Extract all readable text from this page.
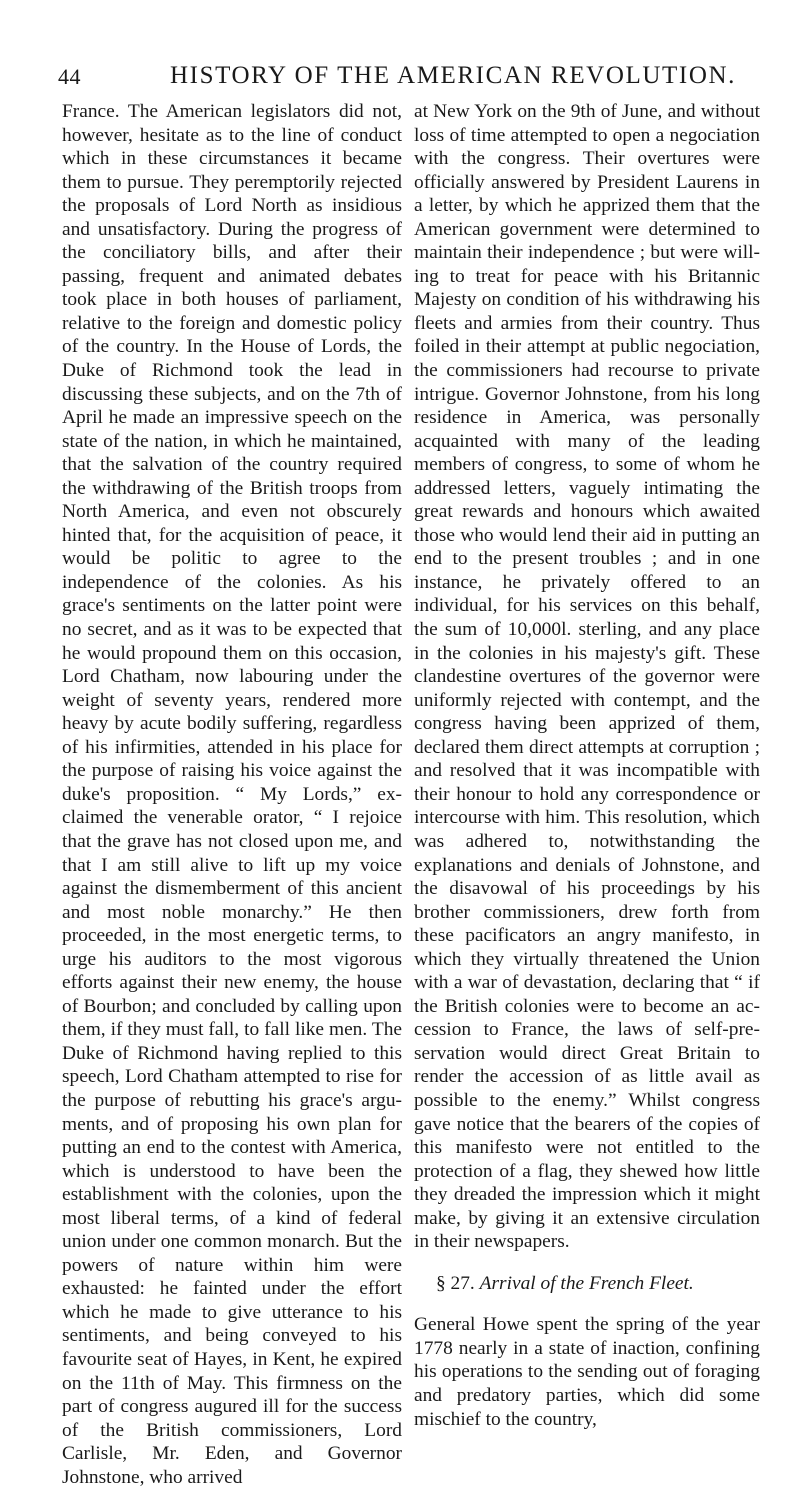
44	HISTORY OF THE AMERICAN REVOLUTION.

France. The American legislators did not, however, hesitate as to the line of conduct which in these circumstances it became them to pursue. They peremptorily rejected the proposals of Lord North as insidious and unsatisfactory. During the progress of the conciliatory bills, and after their passing, frequent and animated debates took place in both houses of parliament, relative to the foreign and domestic policy of the country. In the House of Lords, the Duke of Richmond took the lead in discussing these subjects, and on the 7th of April he made an impressive speech on the state of the nation, in which he maintained, that the salvation of the country required the withdrawing of the British troops from North America, and even not obscurely hinted that, for the acquisition of peace, it would be politic to agree to the independence of the colonies. As his grace's sentiments on the latter point were no secret, and as it was to be expected that he would propound them on this occasion, Lord Chatham, now labouring under the weight of seventy years, rendered more heavy by acute bodily suffering, regardless of his infirmities, attended in his place for the purpose of raising his voice against the duke's proposition. “ My Lords,” exclaimed the venerable orator, “ I rejoice that the grave has not closed upon me, and that I am still alive to lift up my voice against the dismemberment of this ancient and most noble monarchy.” He then proceeded, in the most energetic terms, to urge his auditors to the most vigorous efforts against their new enemy, the house of Bourbon; and concluded by calling upon them, if they must fall, to fall like men. The Duke of Richmond having replied to this speech, Lord Chatham attempted to rise for the purpose of rebutting his grace's arguments, and of proposing his own plan for putting an end to the contest with America, which is understood to have been the establishment with the colonies, upon the most liberal terms, of a kind of federal union under one common monarch. But the powers of nature within him were exhausted: he fainted under the effort which he made to give utterance to his sentiments, and being conveyed to his favourite seat of Hayes, in Kent, he expired on the 11th of May. This firmness on the part of congress augured ill for the success of the British commissioners, Lord Carlisle, Mr. Eden, and Governor Johnstone, who arrived

at New York on the 9th of June, and without loss of time attempted to open a negociation with the congress. Their overtures were officially answered by President Laurens in a letter, by which he apprized them that the American government were determined to maintain their independence ; but were willing to treat for peace with his Britannic Majesty on condition of his withdrawing his fleets and armies from their country. Thus foiled in their attempt at public negociation, the commissioners had recourse to private intrigue. Governor Johnstone, from his long residence in America, was personally acquainted with many of the leading members of congress, to some of whom he addressed letters, vaguely intimating the great rewards and honours which awaited those who would lend their aid in putting an end to the present troubles ; and in one instance, he privately offered to an individual, for his services on this behalf, the sum of 10,000l. sterling, and any place in the colonies in his majesty's gift. These clandestine overtures of the governor were uniformly rejected with contempt, and the congress having been apprized of them, declared them direct attempts at corruption ; and resolved that it was incompatible with their honour to hold any correspondence or intercourse with him. This resolution, which was adhered to, notwithstanding the explanations and denials of Johnstone, and the disavowal of his proceedings by his brother commissioners, drew forth from these pacificators an angry manifesto, in which they virtually threatened the Union with a war of devastation, declaring that “ if the British colonies were to become an accession to France, the laws of self-preservation would direct Great Britain to render the accession of as little avail as possible to the enemy.” Whilst congress gave notice that the bearers of the copies of this manifesto were not entitled to the protection of a flag, they shewed how little they dreaded the impression which it might make, by giving it an extensive circulation in their newspapers.

§ 27. Arrival of the French Fleet.

General Howe spent the spring of the year 1778 nearly in a state of inaction, confining his operations to the sending out of foraging and predatory parties, which did some mischief to the country,
